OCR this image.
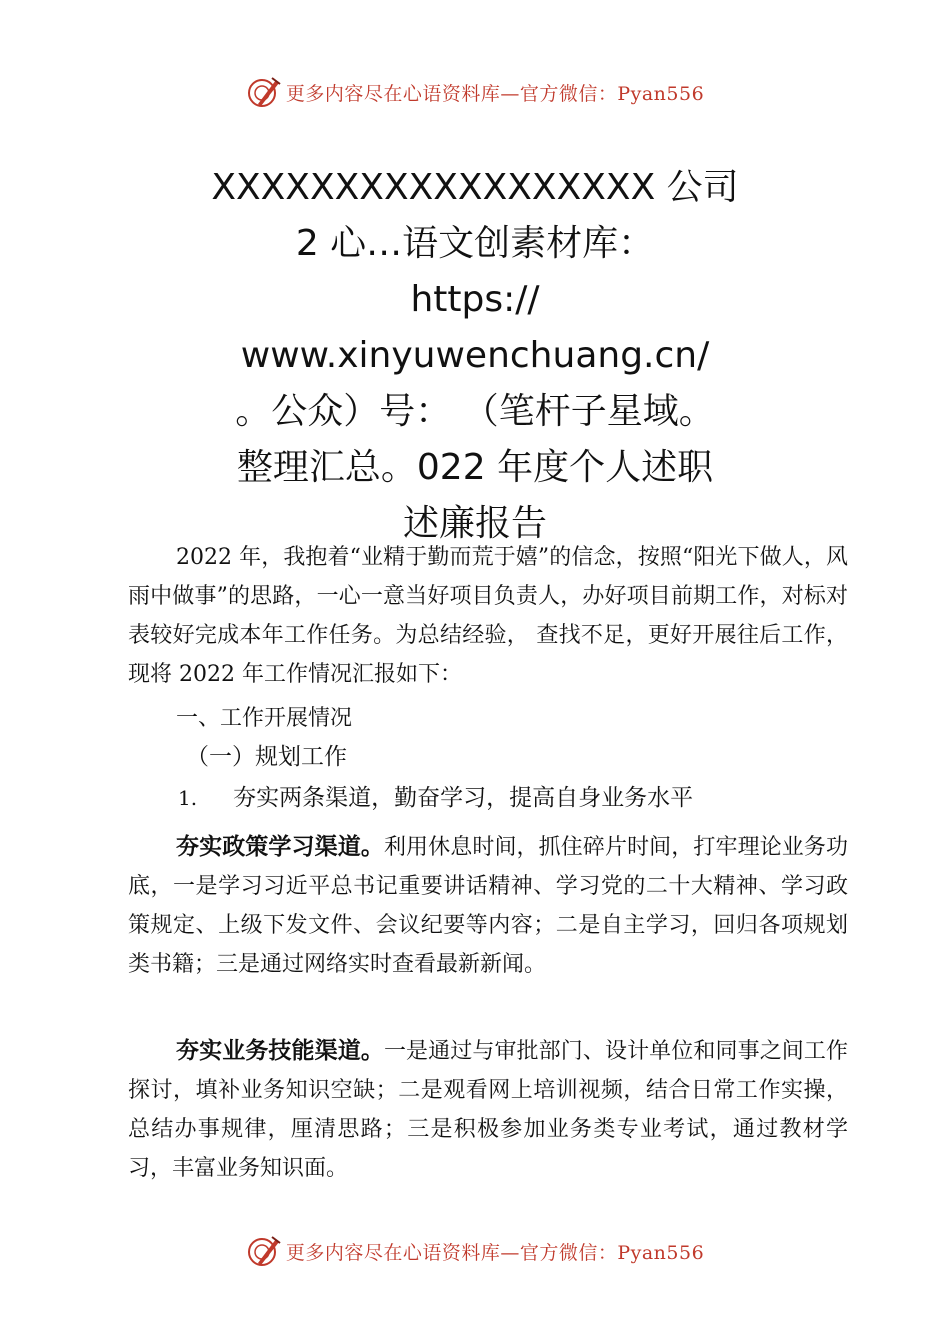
更多内容尽在心语资料库—官方微信：Pyan556
XXXXXXXXXXXXXXXXXX 公司
2 心…语文创素材库：
https://
www.xinyuwenchuang.cn/
。公众）号： （笔杆子星域。
整理汇总。022 年度个人述职
述廉报告

2022 年，我抱着“业精于勤而荒于嬉”的信念，按照“阳光下做人，风雨中做事”的思路，一心一意当好项目负责人，办好项目前期工作，对标对表较好完成本年工作任务。为总结经验， 查找不足，更好开展往后工作，现将 2022 年工作情况汇报如下：

一、工作开展情况
（一）规划工作
1. 夯实两条渠道，勤奋学习，提高自身业务水平

夯实政策学习渠道。利用休息时间，抓住碎片时间，打牢理论业务功底，一是学习习近平总书记重要讲话精神、学习党的二十大精神、学习政策规定、上级下发文件、会议纪要等内容；二是自主学习，回归各项规划类书籍；三是通过网络实时查看最新新闻。

夯实业务技能渠道。一是通过与审批部门、设计单位和同事之间工作探讨，填补业务知识空缺；二是观看网上培训视频，结合日常工作实操，总结办事规律，厘清思路；三是积极参加业务类专业考试，通过教材学习，丰富业务知识面。

更多内容尽在心语资料库—官方微信：Pyan556
